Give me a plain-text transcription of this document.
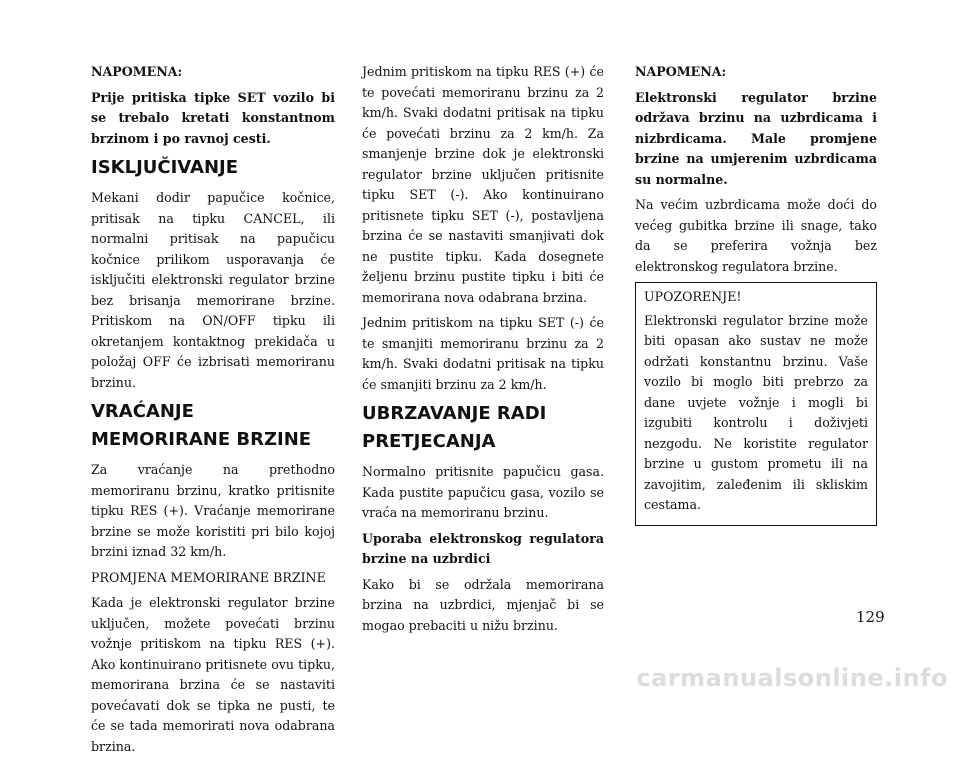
NAPOMENA:

Prije pritiska tipke SET vozilo bi se trebalo kretati konstantnom brzinom i po ravnoj cesti.

ISKLJUČIVANJE

Mekani dodir papučice kočnice, pritisak na tipku CANCEL, ili normalni pritisak na papučicu kočnice prilikom usporavanja će isključiti elektronski regulator brzine bez brisanja memorirane brzine. Pritiskom na ON/OFF tipku ili okretanjem kontaktnog prekidača u položaj OFF će izbrisati memoriranu brzinu.

VRAĆANJE MEMORIRANE BRZINE

Za vraćanje na prethodno memoriranu brzinu, kratko pritisnite tipku RES (+). Vraćanje memorirane brzine se može koristiti pri bilo kojoj brzini iznad 32 km/h.

PROMJENA MEMORIRANE BRZINE

Kada je elektronski regulator brzine uključen, možete povećati brzinu vožnje pritiskom na tipku RES (+). Ako kontinuirano pritisnete ovu tipku, memorirana brzina će se nastaviti povećavati dok se tipka ne pusti, te će se tada memorirati nova odabrana brzina.

Jednim pritiskom na tipku RES (+) će te povećati memoriranu brzinu za 2 km/h. Svaki dodatni pritisak na tipku će povećati brzinu za 2 km/h. Za smanjenje brzine dok je elektronski regulator brzine uključen pritisnite tipku SET (-). Ako kontinuirano pritisnete tipku SET (-), postavljena brzina će se nastaviti smanjivati dok ne pustite tipku. Kada dosegnete željenu brzinu pustite tipku i biti će memorirana nova odabrana brzina.

Jednim pritiskom na tipku SET (-) će te smanjiti memoriranu brzinu za 2 km/h. Svaki dodatni pritisak na tipku će smanjiti brzinu za 2 km/h.

UBRZAVANJE RADI PRETJECANJA

Normalno pritisnite papučicu gasa. Kada pustite papučicu gasa, vozilo se vraća na memoriranu brzinu.

Uporaba elektronskog regulatora brzine na uzbrdici

Kako bi se održala memorirana brzina na uzbrdici, mjenjač bi se mogao prebaciti u nižu brzinu.

NAPOMENA:

Elektronski regulator brzine održava brzinu na uzbrdicama i nizbrdicama. Male promjene brzine na umjerenim uzbrdicama su normalne.

Na većim uzbrdicama može doći do većeg gubitka brzine ili snage, tako da se preferira vožnja bez elektronskog regulatora brzine.

UPOZORENJE!

Elektronski regulator brzine može biti opasan ako sustav ne može održati konstantnu brzinu. Vaše vozilo bi moglo biti prebrzo za dane uvjete vožnje i mogli bi izgubiti kontrolu i doživjeti nezgodu. Ne koristite regulator brzine u gustom prometu ili na zavojitim, zaleđenim ili skliskim cestama.

129
carmanualsonline.info
